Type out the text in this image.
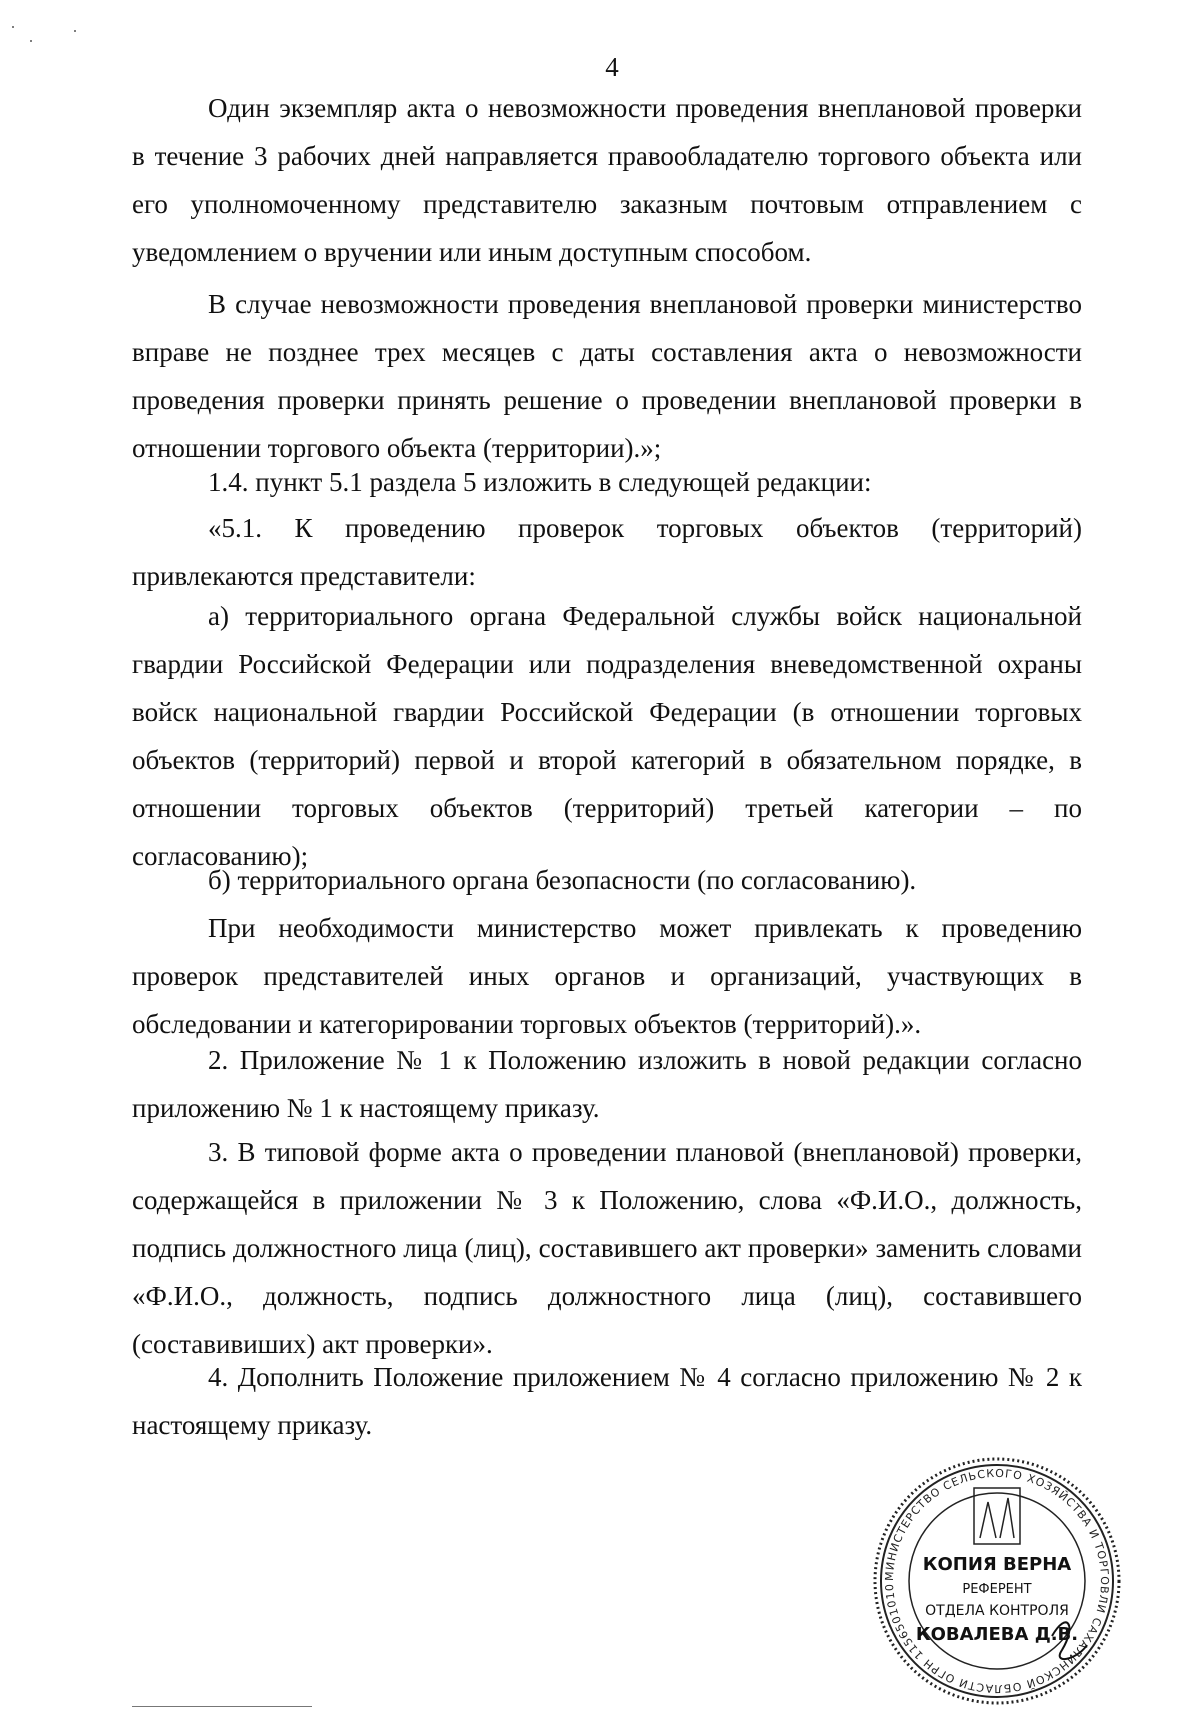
4

Один экземпляр акта о невозможности проведения внеплановой проверки в течение 3 рабочих дней направляется правообладателю торгового объекта или его уполномоченному представителю заказным почтовым отправлением с уведомлением о вручении или иным доступным способом.

В случае невозможности проведения внеплановой проверки министерство вправе не позднее трех месяцев с даты составления акта о невозможности проведения проверки принять решение о проведении внеплановой проверки в отношении торгового объекта (территории).»;

1.4. пункт 5.1 раздела 5 изложить в следующей редакции:

«5.1. К проведению проверок торговых объектов (территорий) привлекаются представители:

а) территориального органа Федеральной службы войск национальной гвардии Российской Федерации или подразделения вневедомственной охраны войск национальной гвардии Российской Федерации (в отношении торговых объектов (территорий) первой и второй категорий в обязательном порядке, в отношении торговых объектов (территорий) третьей категории – по согласованию);

б) территориального органа безопасности (по согласованию).

При необходимости министерство может привлекать к проведению проверок представителей иных органов и организаций, участвующих в обследовании и категорировании торговых объектов (территорий).».

2. Приложение № 1 к Положению изложить в новой редакции согласно приложению № 1 к настоящему приказу.

3. В типовой форме акта о проведении плановой (внеплановой) проверки, содержащейся в приложении № 3 к Положению, слова «Ф.И.О., должность, подпись должностного лица (лиц), составившего акт проверки» заменить словами «Ф.И.О., должность, подпись должностного лица (лиц), составившего (составивиших) акт проверки».

4. Дополнить Положение приложением № 4 согласно приложению № 2 к настоящему приказу.

МИНИСТЕРСТВО СЕЛЬСКОГО ХОЗЯЙСТВА И ТОРГОВЛИ САХАЛИНСКОЙ ОБЛАСТИ ОГРН 1156501010
КОПИЯ ВЕРНА
РЕФЕРЕНТ
ОТДЕЛА КОНТРОЛЯ
КОВАЛЕВА Д.В.
